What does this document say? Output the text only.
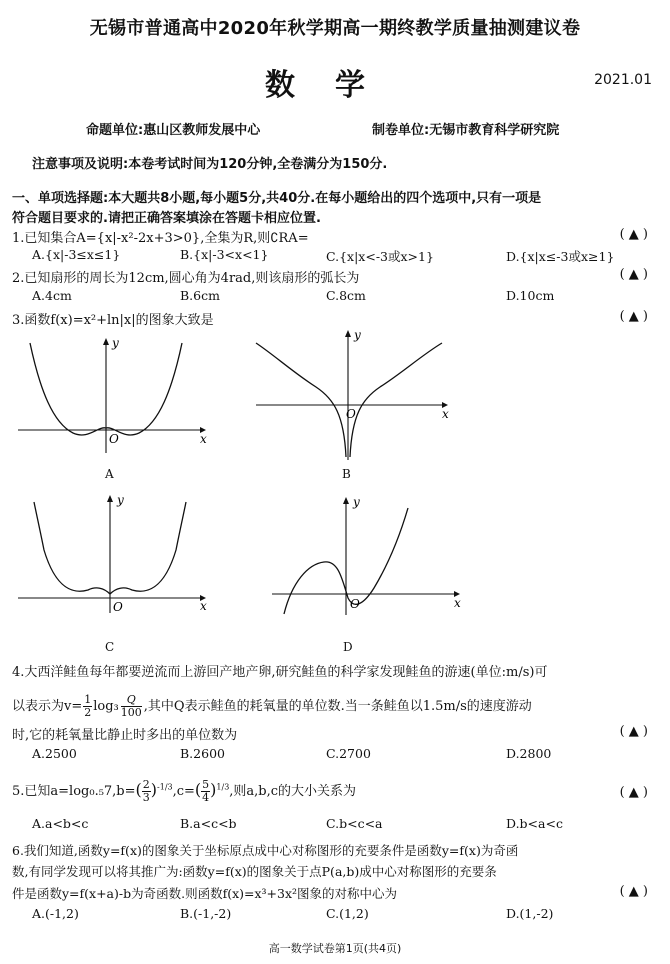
无锡市普通高中2020年秋学期高一期终教学质量抽测建议卷
数学	2021.01
命题单位:惠山区教师发展中心	制卷单位:无锡市教育科学研究院
注意事项及说明:本卷考试时间为120分钟,全卷满分为150分.
一、单项选择题:本大题共8小题,每小题5分,共40分.在每小题给出的四个选项中,只有一项是
符合题目要求的.请把正确答案填涂在答题卡相应位置.
1.已知集合A={x|-x²-2x+3>0},全集为R,则∁RA=	( ▲ )
A.{x|-3≤x≤1}	B.{x|-3<x<1}	C.{x|x<-3或x>1}	D.{x|x≤-3或x≥1}
2.已知扇形的周长为12cm,圆心角为4rad,则该扇形的弧长为	( ▲ )
A.4cm	B.6cm	C.8cm	D.10cm
3.函数f(x)=x²+ln|x|的图象大致是	( ▲ )
x
y
O
A
x
y
O
B
x
y
O
C
x
y
O
D
4.大西洋鲑鱼每年都要逆流而上游回产地产卵,研究鲑鱼的科学家发现鲑鱼的游速(单位:m/s)可
以表示为$v= \frac{1}{2} \log_3 \frac{Q}{100}$ ,其中Q表示鲑鱼的耗氧量的单位数.当一条鲑鱼以1.5m/s的速度游动
时,它的耗氧量比静止时多出的单位数为	( ▲ )
A.2500	B.2600	C.2700	D.2800
5.已知$a=\log_0._57,b=( \frac{2}{3} )^{-1/3},c=( \frac{5}{4} )^{1/3}$,则a,b,c的大小关系为	( ▲ )
A.a<b<c	B.a<c<b	C.b<c<a	D.b<a<c
6.我们知道,函数y=f(x)的图象关于坐标原点成中心对称图形的充要条件是函数y=f(x)为奇函
数,有同学发现可以将其推广为:函数y=f(x)的图象关于点P(a,b)成中心对称图形的充要条
件是函数y=f(x+a)-b为奇函数.则函数f(x)=x³+3x²图象的对称中心为	( ▲ )
A.(-1,2)	B.(-1,-2)	C.(1,2)	D.(1,-2)
高一数学试卷第1页(共4页)
